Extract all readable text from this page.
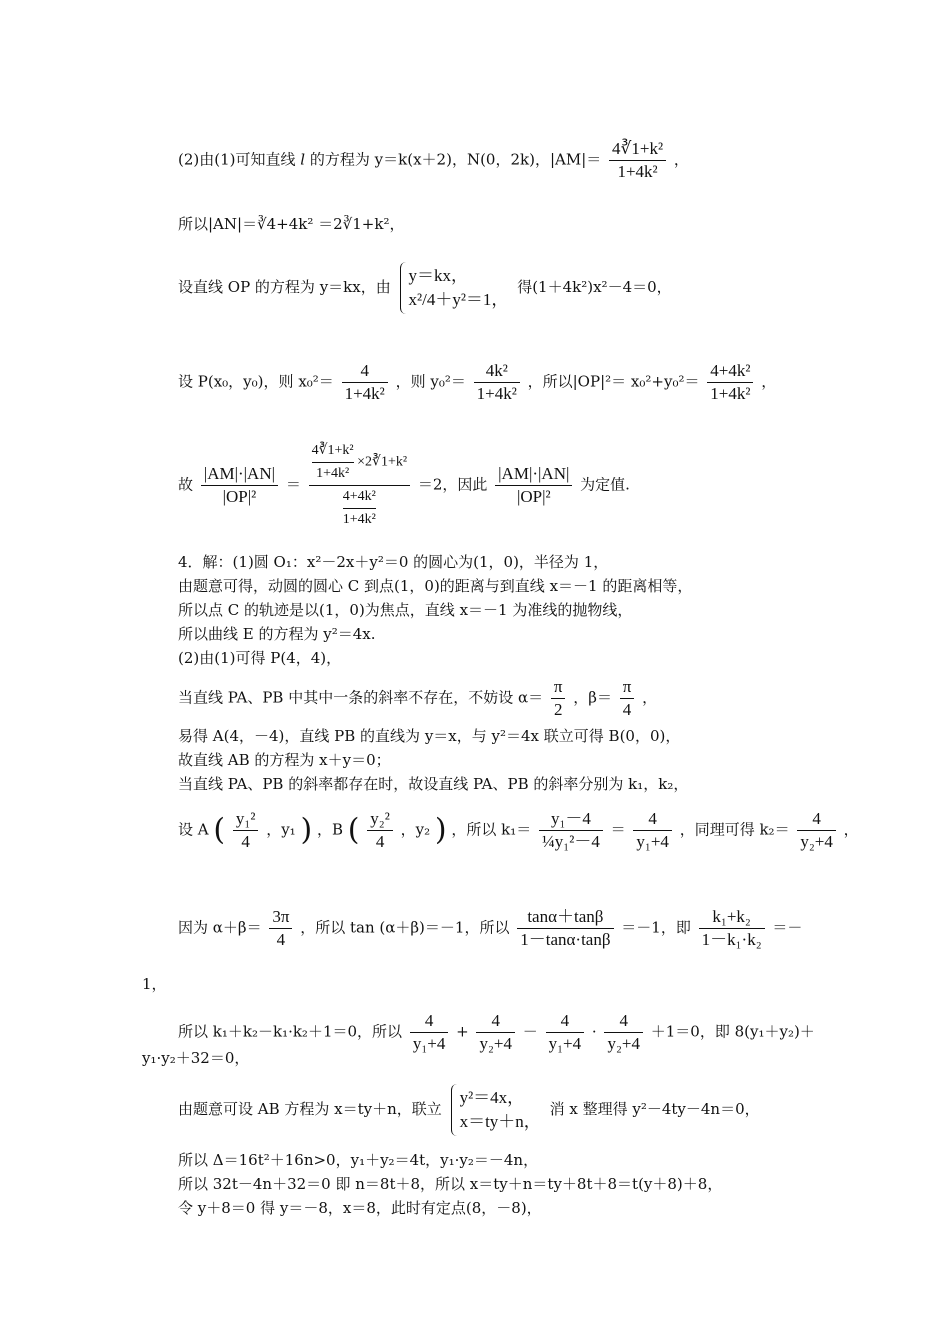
(2)由(1)可知直线 l 的方程为 y＝k(x＋2)，N(0，2k)，$|AM|= \frac{\text{4∛1+k²}}{\text{1+4k²}}$ ，
所以|AN|＝∛4+4k² ＝2∛1+k²，
设直线 OP 的方程为 y＝kx，由
y＝kx，
x²/4＋y²＝1，
得(1＋4k²)x²－4＝0，
设 P(x₀，y₀)，则 $x_0^2= \frac{4}{\text{1+4k²}}$ ，则 $y_0^2= \frac{\text{4k²}}{\text{1+4k²}}$ ，所以$|OP|^2= x_0^2+y_0^2= \frac{\text{4+4k²}}{\text{1+4k²}}$ ，
故 $\frac{|AM|\cdot|AN|}{\text{|OP|²}} = \frac{\frac{\text{4∛1+k²}}{\text{1+4k²}} \times 2∛1+k^2}{\frac{\text{4+4k²}}{\text{1+4k²}}} =2$，因此 $\frac{|AM|\cdot|AN|}{\text{|OP|²}}$ 为定值.
4．解：(1)圆 O₁：x²－2x＋y²＝0 的圆心为(1，0)，半径为 1，
由题意可得，动圆的圆心 C 到点(1，0)的距离与到直线 x＝－1 的距离相等，
所以点 C 的轨迹是以(1，0)为焦点，直线 x＝－1 为准线的抛物线，
所以曲线 E 的方程为 y²＝4x.
(2)由(1)可得 P(4，4)，
当直线 PA、PB 中其中一条的斜率不存在，不妨设 $\alpha= \frac{\pi}{2}$ ，$\beta= \frac{\pi}{4}$ ，
易得 A(4，－4)，直线 PB 的直线为 y＝x，与 y²＝4x 联立可得 B(0，0)，
故直线 AB 的方程为 x＋y＝0；
当直线 PA、PB 的斜率都存在时，故设直线 PA、PB 的斜率分别为 k₁，k₂，
设 A ( $\frac{\text{y₁²}}{4}$ ，y₁ ) ，B ( $\frac{\text{y₂²}}{4}$ ，y₂ ) ，所以 $k_1= \frac{\text{y₁－4}}{\text{¼y₁²－4}} = \frac{4}{\text{y₁+4}}$ ，同理可得 $k_2= \frac{4}{\text{y₂+4}}$ ，
因为 $\alpha+\beta= \frac{3\pi}{4}$ ，所以 tan (α＋β)＝－1，所以 $\frac{\tan\alpha+\tan\beta}{1-\tan\alpha\cdot\tan\beta} =-1$，即 $\frac{\text{k₁+k₂}}{\text{1－k₁·k₂}}$ ＝－
1，
所以 k₁＋k₂－k₁·k₂＋1＝0，所以 $\frac{4}{\text{y₁+4}} + \frac{4}{\text{y₂+4}} - \frac{4}{\text{y₁+4}} \cdot \frac{4}{\text{y₂+4}} +1=0$，即 8(y₁＋y₂)＋
y₁·y₂＋32＝0，
由题意可设 AB 方程为 x＝ty＋n，联立
y²＝4x，
x＝ty＋n，
消 x 整理得 y²－4ty－4n＝0，
所以 Δ＝16t²＋16n>0，y₁＋y₂＝4t，y₁·y₂＝－4n，
所以 32t－4n＋32＝0 即 n＝8t＋8，所以 x＝ty＋n＝ty＋8t＋8＝t(y＋8)＋8，
令 y＋8＝0 得 y＝－8，x＝8，此时有定点(8，－8)，
